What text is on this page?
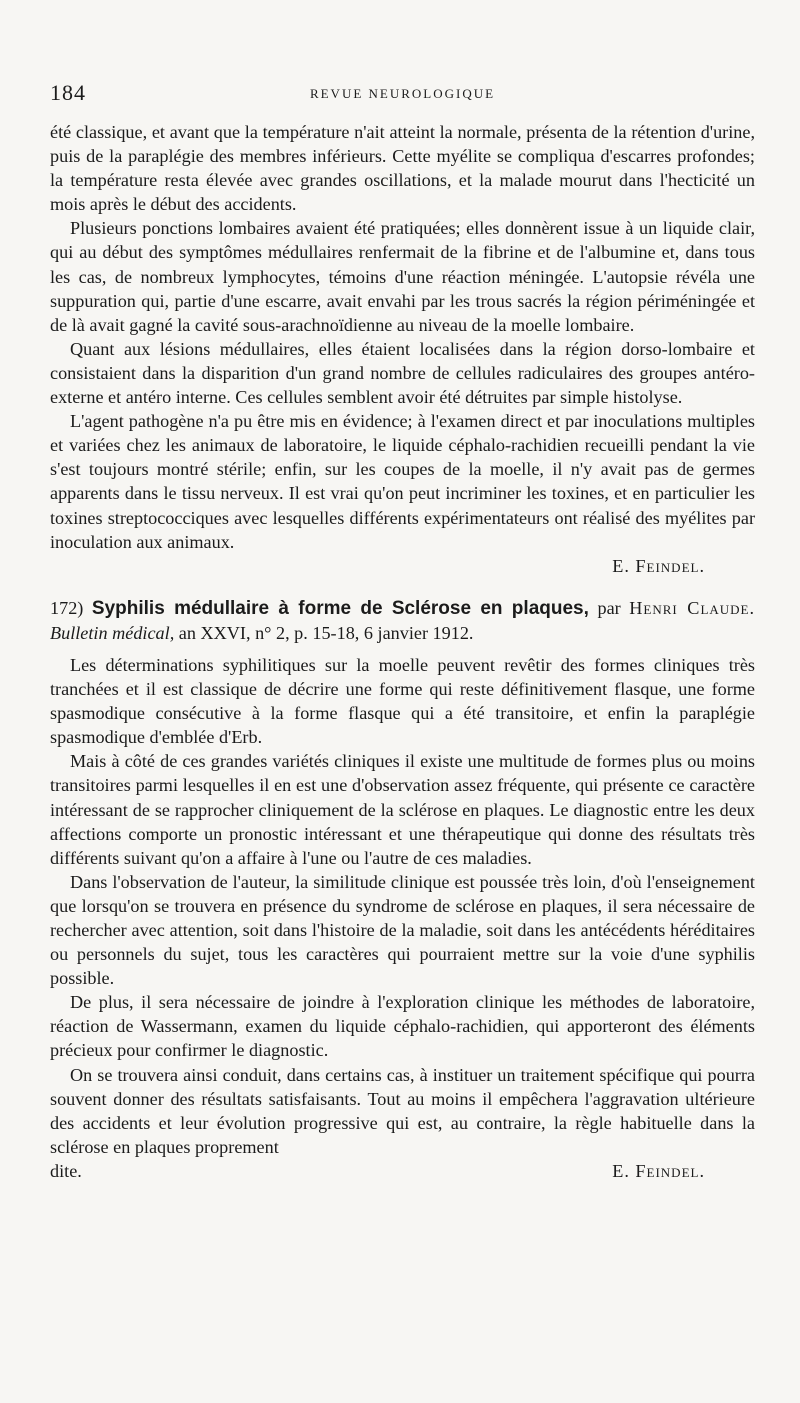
184	REVUE NEUROLOGIQUE

été classique, et avant que la température n'ait atteint la normale, présenta de la rétention d'urine, puis de la paraplégie des membres inférieurs. Cette myélite se compliqua d'escarres profondes; la température resta élevée avec grandes oscillations, et la malade mourut dans l'hecticité un mois après le début des accidents.

Plusieurs ponctions lombaires avaient été pratiquées; elles donnèrent issue à un liquide clair, qui au début des symptômes médullaires renfermait de la fibrine et de l'albumine et, dans tous les cas, de nombreux lymphocytes, témoins d'une réaction méningée. L'autopsie révéla une suppuration qui, partie d'une escarre, avait envahi par les trous sacrés la région périméningée et de là avait gagné la cavité sous-arachnoïdienne au niveau de la moelle lombaire.

Quant aux lésions médullaires, elles étaient localisées dans la région dorso-lombaire et consistaient dans la disparition d'un grand nombre de cellules radiculaires des groupes antéro-externe et antéro interne. Ces cellules semblent avoir été détruites par simple histolyse.

L'agent pathogène n'a pu être mis en évidence; à l'examen direct et par inoculations multiples et variées chez les animaux de laboratoire, le liquide céphalo-rachidien recueilli pendant la vie s'est toujours montré stérile; enfin, sur les coupes de la moelle, il n'y avait pas de germes apparents dans le tissu nerveux. Il est vrai qu'on peut incriminer les toxines, et en particulier les toxines streptococciques avec lesquelles différents expérimentateurs ont réalisé des myélites par inoculation aux animaux.

E. Feindel.

172) Syphilis médullaire à forme de Sclérose en plaques, par Henri Claude. Bulletin médical, an XXVI, n° 2, p. 15-18, 6 janvier 1912.

Les déterminations syphilitiques sur la moelle peuvent revêtir des formes cliniques très tranchées et il est classique de décrire une forme qui reste définitivement flasque, une forme spasmodique consécutive à la forme flasque qui a été transitoire, et enfin la paraplégie spasmodique d'emblée d'Erb.

Mais à côté de ces grandes variétés cliniques il existe une multitude de formes plus ou moins transitoires parmi lesquelles il en est une d'observation assez fréquente, qui présente ce caractère intéressant de se rapprocher cliniquement de la sclérose en plaques. Le diagnostic entre les deux affections comporte un pronostic intéressant et une thérapeutique qui donne des résultats très différents suivant qu'on a affaire à l'une ou l'autre de ces maladies.

Dans l'observation de l'auteur, la similitude clinique est poussée très loin, d'où l'enseignement que lorsqu'on se trouvera en présence du syndrome de sclérose en plaques, il sera nécessaire de rechercher avec attention, soit dans l'histoire de la maladie, soit dans les antécédents héréditaires ou personnels du sujet, tous les caractères qui pourraient mettre sur la voie d'une syphilis possible.

De plus, il sera nécessaire de joindre à l'exploration clinique les méthodes de laboratoire, réaction de Wassermann, examen du liquide céphalo-rachidien, qui apporteront des éléments précieux pour confirmer le diagnostic.

On se trouvera ainsi conduit, dans certains cas, à instituer un traitement spécifique qui pourra souvent donner des résultats satisfaisants. Tout au moins il empêchera l'aggravation ultérieure des accidents et leur évolution progressive qui est, au contraire, la règle habituelle dans la sclérose en plaques proprement

dite.	E. Feindel.
